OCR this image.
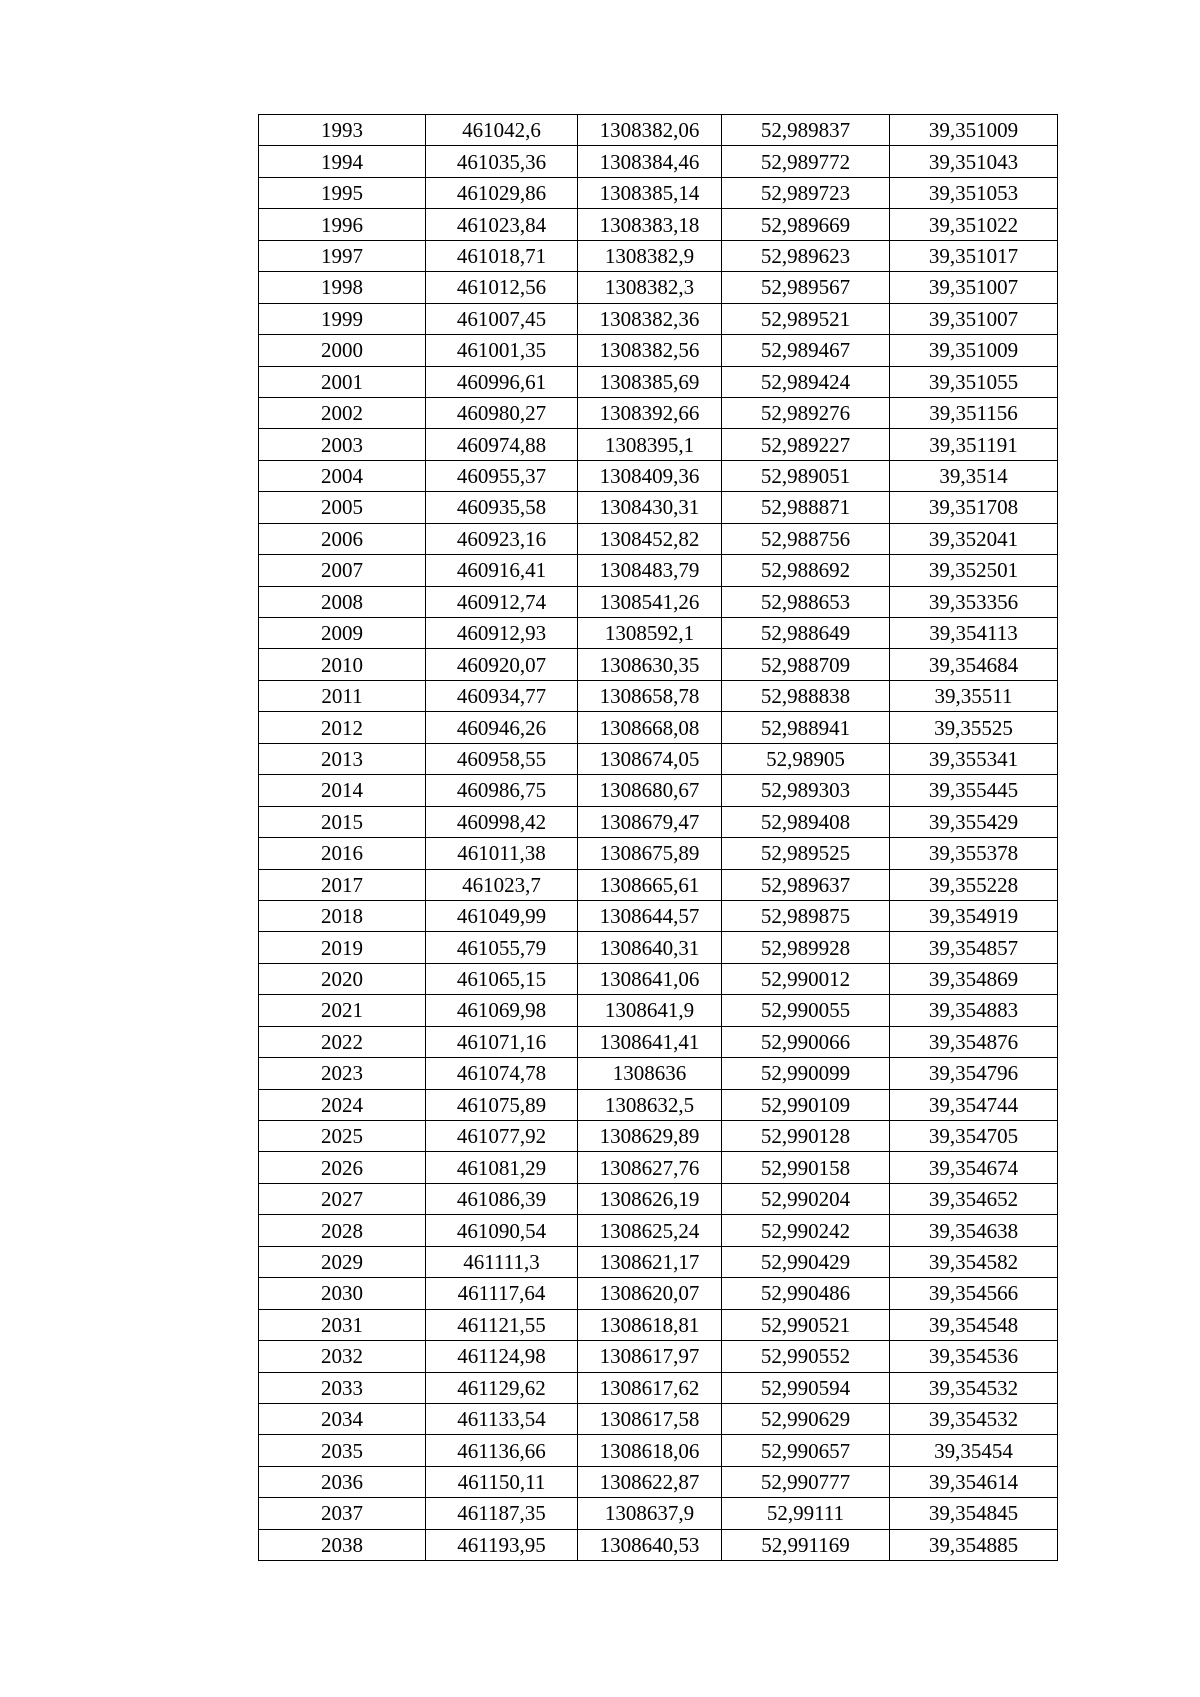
1993	461042,6	1308382,06	52,989837	39,351009
1994	461035,36	1308384,46	52,989772	39,351043
1995	461029,86	1308385,14	52,989723	39,351053
1996	461023,84	1308383,18	52,989669	39,351022
1997	461018,71	1308382,9	52,989623	39,351017
1998	461012,56	1308382,3	52,989567	39,351007
1999	461007,45	1308382,36	52,989521	39,351007
2000	461001,35	1308382,56	52,989467	39,351009
2001	460996,61	1308385,69	52,989424	39,351055
2002	460980,27	1308392,66	52,989276	39,351156
2003	460974,88	1308395,1	52,989227	39,351191
2004	460955,37	1308409,36	52,989051	39,3514
2005	460935,58	1308430,31	52,988871	39,351708
2006	460923,16	1308452,82	52,988756	39,352041
2007	460916,41	1308483,79	52,988692	39,352501
2008	460912,74	1308541,26	52,988653	39,353356
2009	460912,93	1308592,1	52,988649	39,354113
2010	460920,07	1308630,35	52,988709	39,354684
2011	460934,77	1308658,78	52,988838	39,35511
2012	460946,26	1308668,08	52,988941	39,35525
2013	460958,55	1308674,05	52,98905	39,355341
2014	460986,75	1308680,67	52,989303	39,355445
2015	460998,42	1308679,47	52,989408	39,355429
2016	461011,38	1308675,89	52,989525	39,355378
2017	461023,7	1308665,61	52,989637	39,355228
2018	461049,99	1308644,57	52,989875	39,354919
2019	461055,79	1308640,31	52,989928	39,354857
2020	461065,15	1308641,06	52,990012	39,354869
2021	461069,98	1308641,9	52,990055	39,354883
2022	461071,16	1308641,41	52,990066	39,354876
2023	461074,78	1308636	52,990099	39,354796
2024	461075,89	1308632,5	52,990109	39,354744
2025	461077,92	1308629,89	52,990128	39,354705
2026	461081,29	1308627,76	52,990158	39,354674
2027	461086,39	1308626,19	52,990204	39,354652
2028	461090,54	1308625,24	52,990242	39,354638
2029	461111,3	1308621,17	52,990429	39,354582
2030	461117,64	1308620,07	52,990486	39,354566
2031	461121,55	1308618,81	52,990521	39,354548
2032	461124,98	1308617,97	52,990552	39,354536
2033	461129,62	1308617,62	52,990594	39,354532
2034	461133,54	1308617,58	52,990629	39,354532
2035	461136,66	1308618,06	52,990657	39,35454
2036	461150,11	1308622,87	52,990777	39,354614
2037	461187,35	1308637,9	52,99111	39,354845
2038	461193,95	1308640,53	52,991169	39,354885
